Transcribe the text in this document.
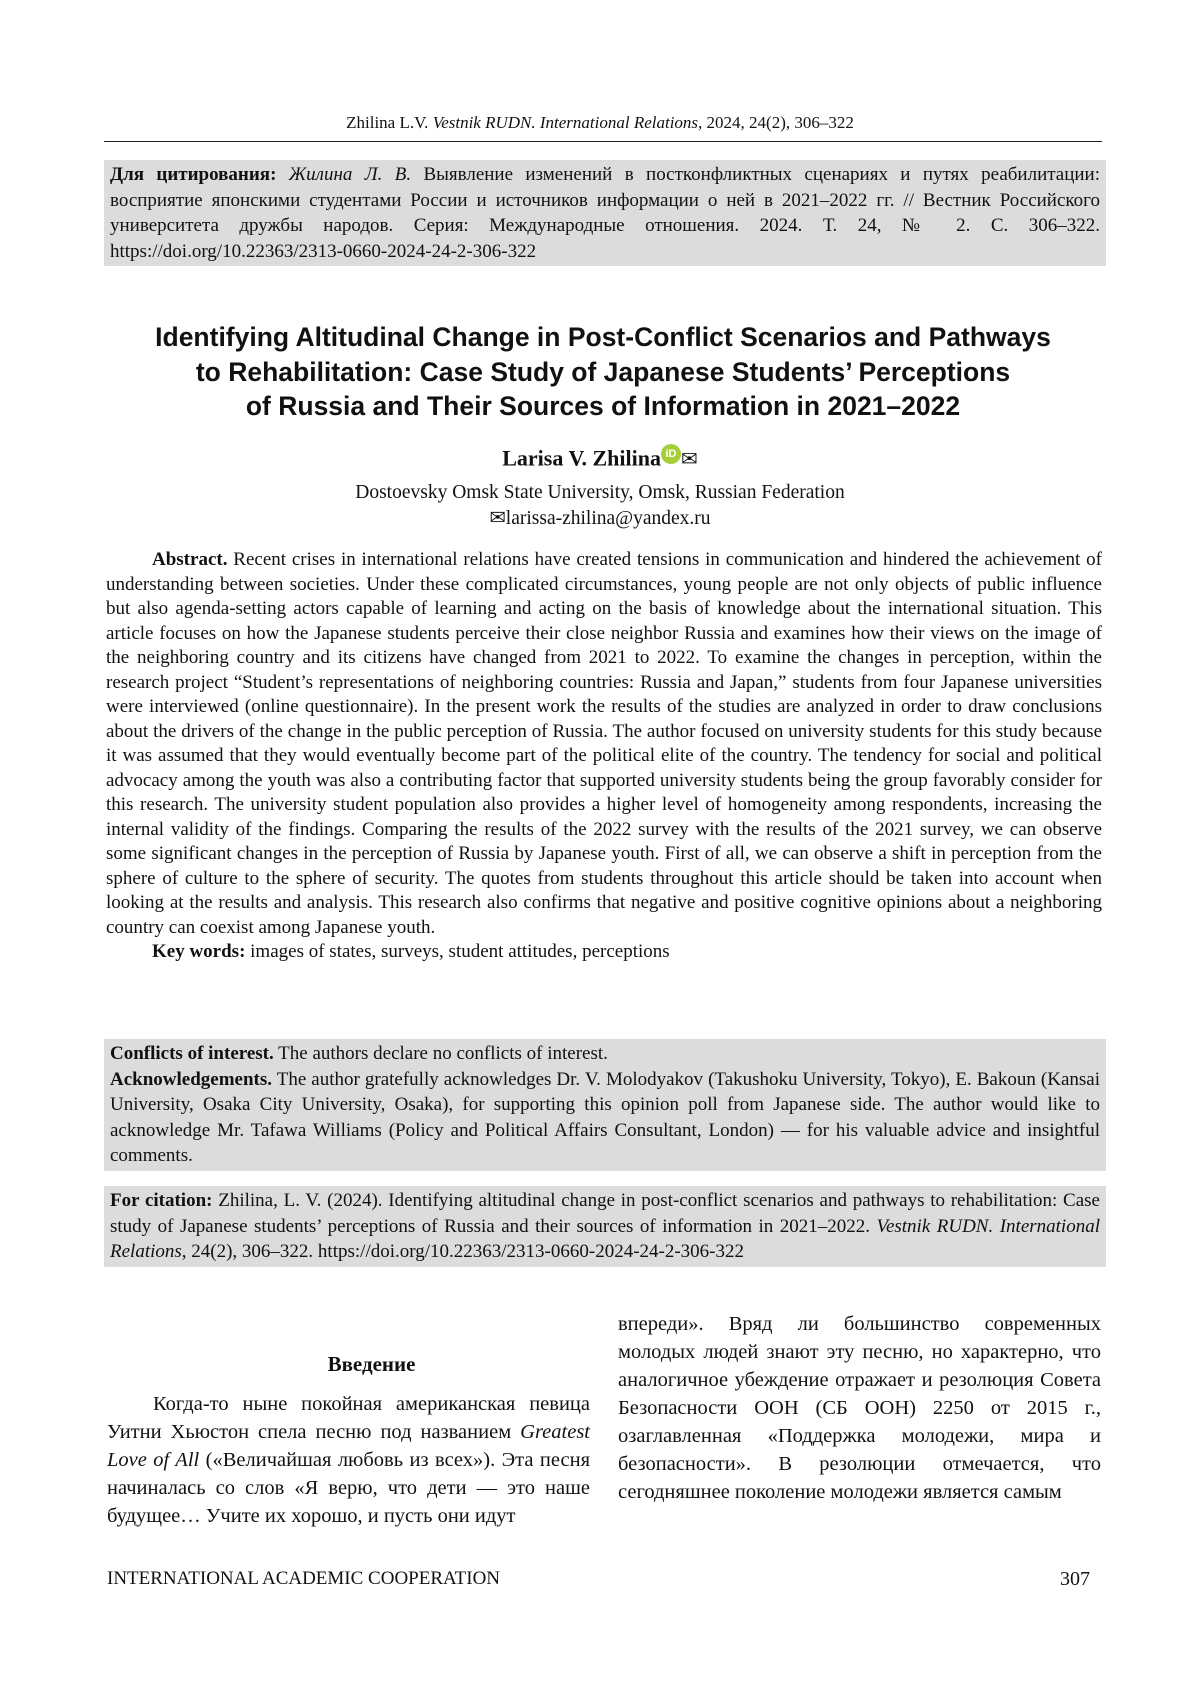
Zhilina L.V. Vestnik RUDN. International Relations, 2024, 24(2), 306–322
Для цитирования: Жилина Л. В. Выявление изменений в постконфликтных сценариях и путях реабилитации: восприятие японскими студентами России и источников информации о ней в 2021–2022 гг. // Вестник Российского университета дружбы народов. Серия: Международные отношения. 2024. Т. 24, № 2. С. 306–322. https://doi.org/10.22363/2313-0660-2024-24-2-306-322
Identifying Altitudinal Change in Post-Conflict Scenarios and Pathways
to Rehabilitation: Case Study of Japanese Students’ Perceptions
of Russia and Their Sources of Information in 2021–2022
Larisa V. Zhilina iD ✉
Dostoevsky Omsk State University, Omsk, Russian Federation
✉larissa-zhilina@yandex.ru

Abstract. Recent crises in international relations have created tensions in communication and hindered the achievement of understanding between societies. Under these complicated circumstances, young people are not only objects of public influence but also agenda-setting actors capable of learning and acting on the basis of knowledge about the international situation. This article focuses on how the Japanese students perceive their close neighbor Russia and examines how their views on the image of the neighboring country and its citizens have changed from 2021 to 2022. To examine the changes in perception, within the research project “Student’s representations of neighboring countries: Russia and Japan,” students from four Japanese universities were interviewed (online questionnaire). In the present work the results of the studies are analyzed in order to draw conclusions about the drivers of the change in the public perception of Russia. The author focused on university students for this study because it was assumed that they would eventually become part of the political elite of the country. The tendency for social and political advocacy among the youth was also a contributing factor that supported university students being the group favorably consider for this research. The university student population also provides a higher level of homogeneity among respondents, increasing the internal validity of the findings. Comparing the results of the 2022 survey with the results of the 2021 survey, we can observe some significant changes in the perception of Russia by Japanese youth. First of all, we can observe a shift in perception from the sphere of culture to the sphere of security. The quotes from students throughout this article should be taken into account when looking at the results and analysis. This research also confirms that negative and positive cognitive opinions about a neighboring country can coexist among Japanese youth.

Key words: images of states, surveys, student attitudes, perceptions

Conflicts of interest. The authors declare no conflicts of interest.
Acknowledgements. The author gratefully acknowledges Dr. V. Molodyakov (Takushoku University, Tokyo), E. Bakoun (Kansai University, Osaka City University, Osaka), for supporting this opinion poll from Japanese side. The author would like to acknowledge Mr. Tafawa Williams (Policy and Political Affairs Consultant, London) — for his valuable advice and insightful comments.
For citation: Zhilina, L. V. (2024). Identifying altitudinal change in post-conflict scenarios and pathways to rehabilitation: Case study of Japanese students’ perceptions of Russia and their sources of information in 2021–2022. Vestnik RUDN. International Relations, 24(2), 306–322. https://doi.org/10.22363/2313-0660-2024-24-2-306-322

Введение

Когда-то ныне покойная американская певица Уитни Хьюстон спела песню под названием Greatest Love of All («Величайшая любовь из всех»). Эта песня начиналась со слов «Я верю, что дети — это наше будущее… Учите их хорошо, и пусть они идут

впереди». Вряд ли большинство современных молодых людей знают эту песню, но характерно, что аналогичное убеждение отражает и резолюция Совета Безопасности ООН (СБ ООН) 2250 от 2015 г., озаглавленная «Поддержка молодежи, мира и безопасности». В резолюции отмечается, что сегодняшнее поколение молодежи является самым

INTERNATIONAL ACADEMIC COOPERATION	307
